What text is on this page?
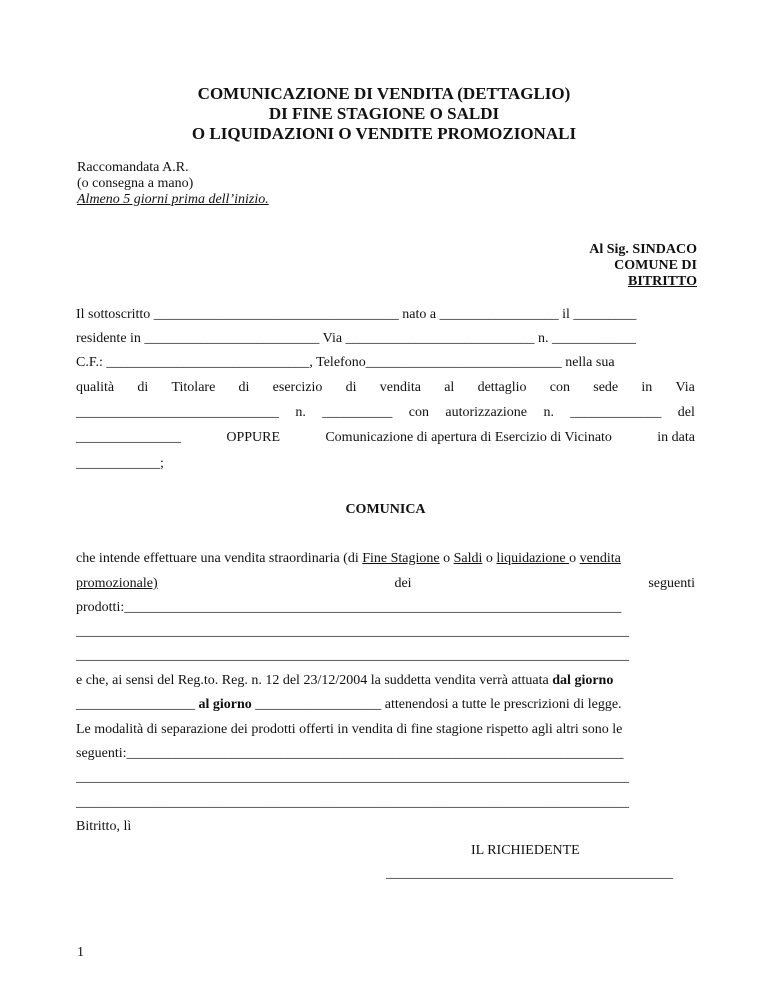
COMUNICAZIONE DI VENDITA (DETTAGLIO)
DI FINE STAGIONE O SALDI
O LIQUIDAZIONI O VENDITE PROMOZIONALI
Raccomandata A.R.
(o consegna a mano)
Almeno 5 giorni prima dell’inizio.
Al Sig. SINDACO
COMUNE DI
BITRITTO
Il sottoscritto ___________________________________ nato a _________________ il _________
residente in _________________________ Via ___________________________ n. ____________
C.F.: _____________________________, Telefono____________________________ nella sua
qualità di Titolare di esercizio di vendita al dettaglio con sede in Via
_____________________________ n. __________ con autorizzazione n. _____________ del
_______________	OPPURE	Comunicazione di apertura di Esercizio di Vicinato	in data
____________;
COMUNICA
che intende effettuare una vendita straordinaria (di Fine Stagione o Saldi o liquidazione o vendita
promozionale)	dei	seguenti
prodotti:_______________________________________________________________________
_______________________________________________________________________________
_______________________________________________________________________________
e che, ai sensi del Reg.to. Reg. n. 12 del 23/12/2004 la suddetta vendita verrà attuata dal giorno
_________________ al giorno __________________ attenendosi a tutte le prescrizioni di legge.
Le modalità di separazione dei prodotti offerti in vendita di fine stagione rispetto agli altri sono le
seguenti:_______________________________________________________________________
_______________________________________________________________________________
_______________________________________________________________________________
Bitritto, lì
IL RICHIEDENTE
_________________________________________
1
